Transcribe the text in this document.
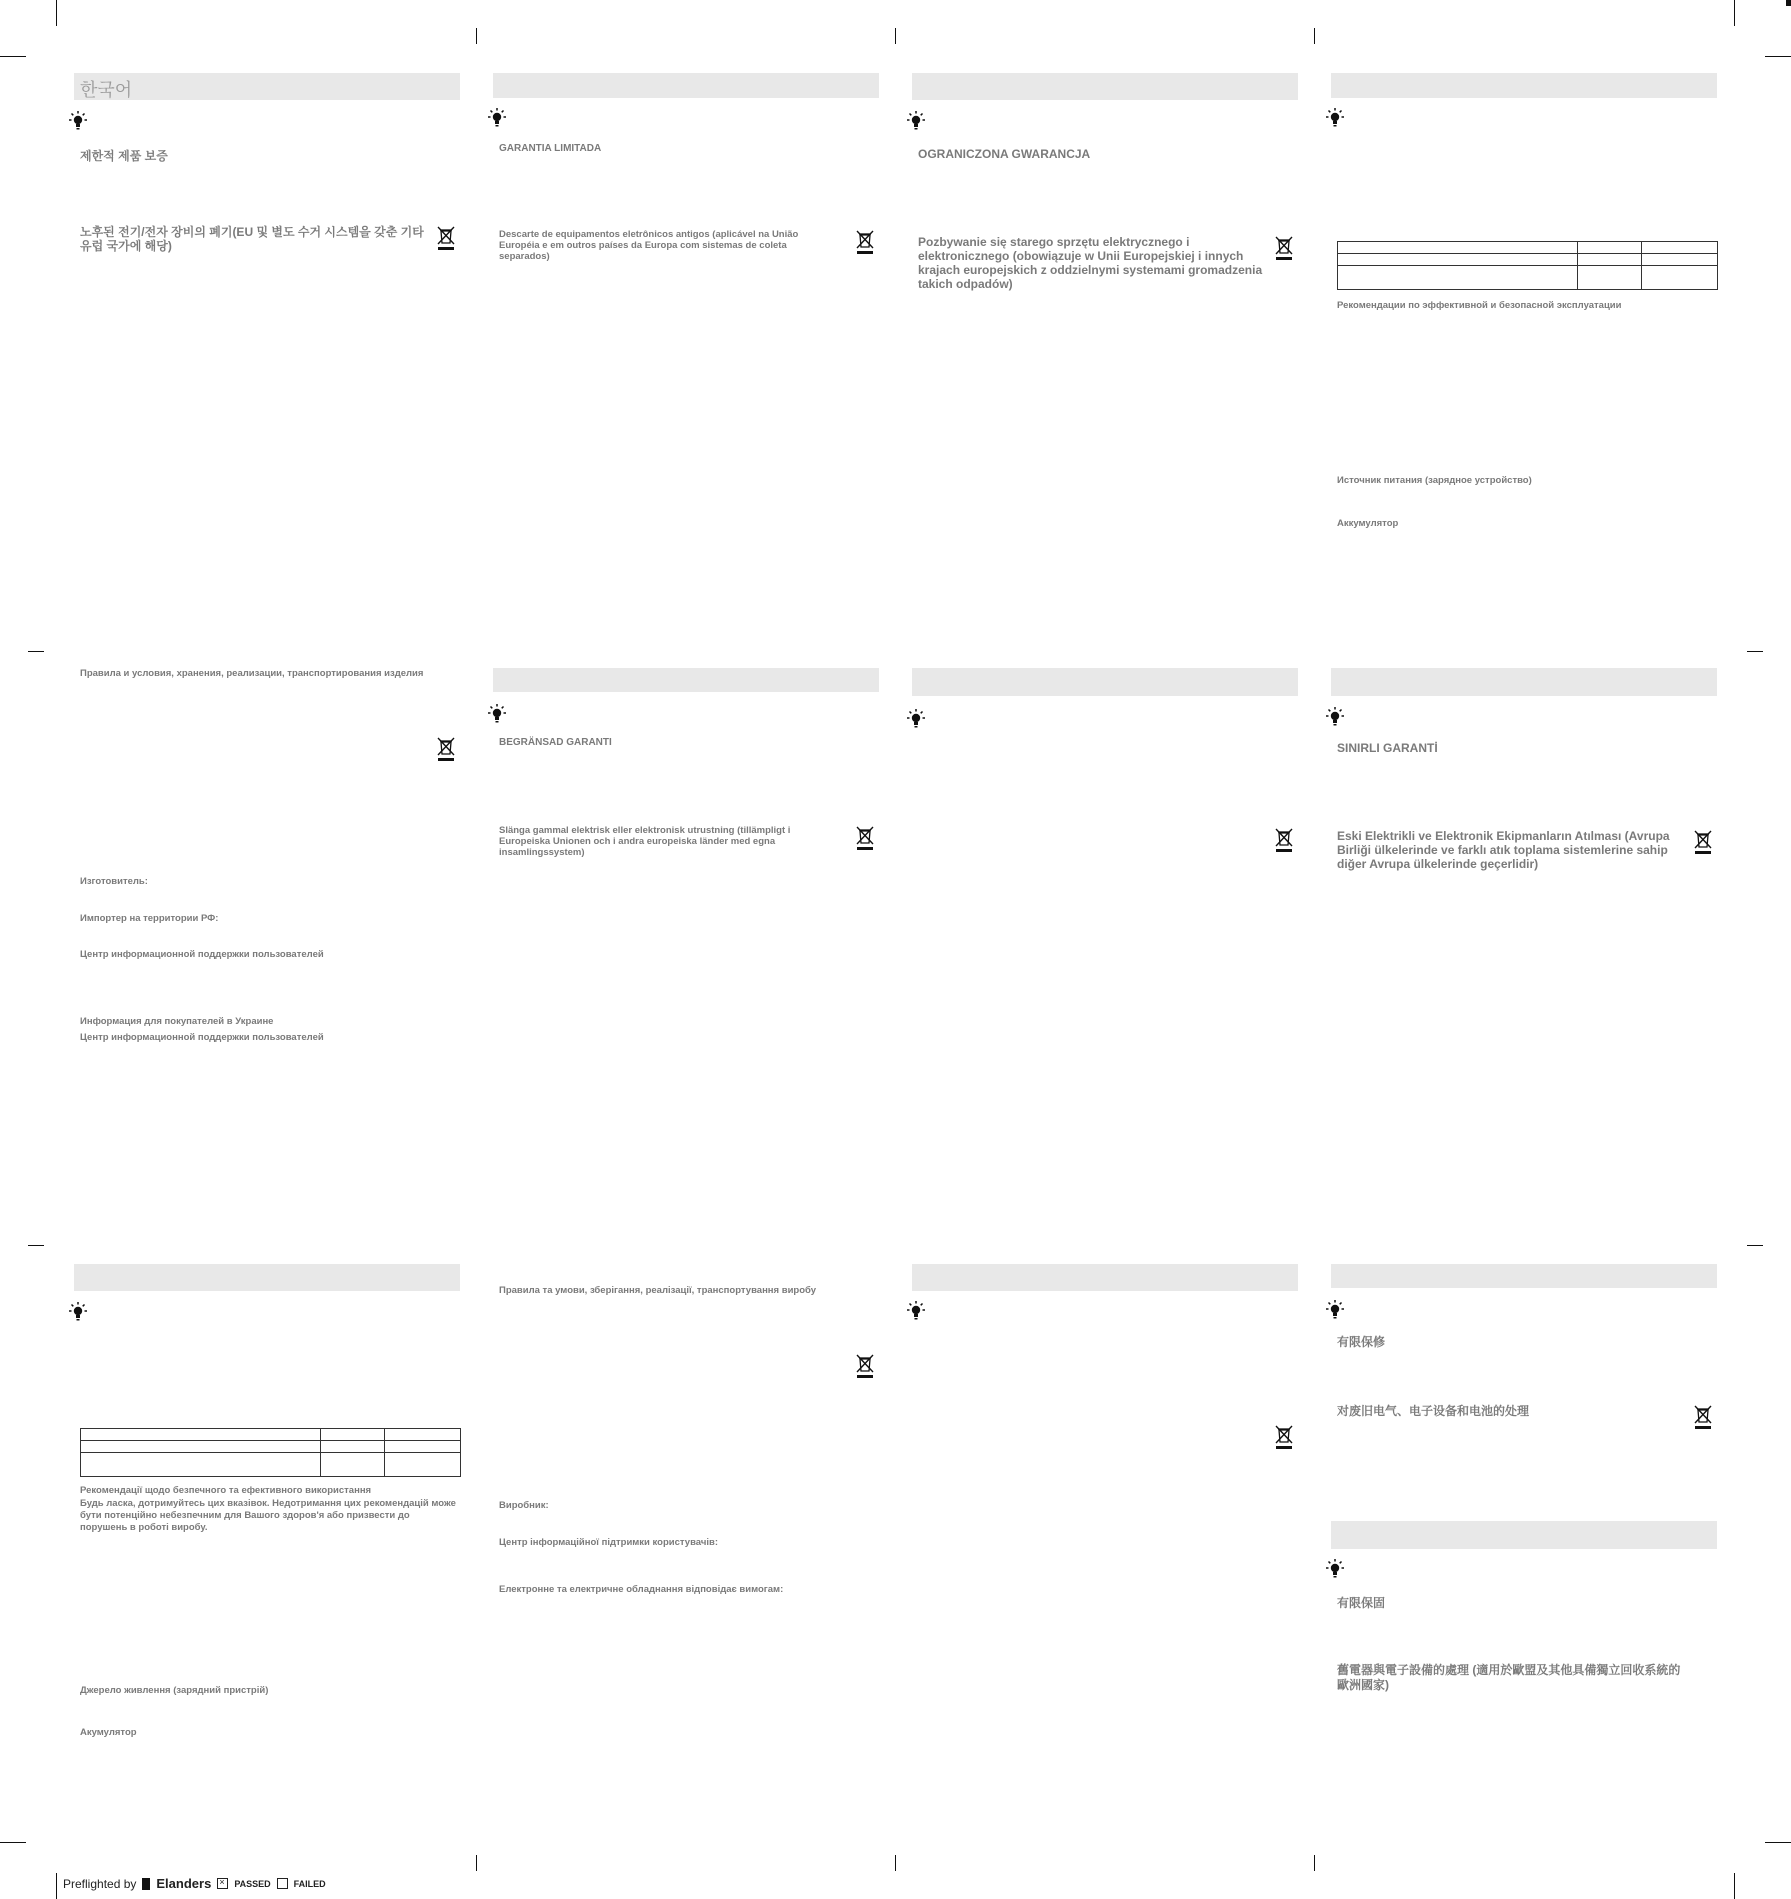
한국어
제한적 제품 보증
노후된 전기/전자 장비의 폐기(EU 및 별도 수거 시스템을 갖춘 기타 유럽 국가에 해당)
GARANTIA LIMITADA
Descarte de equipamentos eletrônicos antigos (aplicável na União Européia e em outros países da Europa com sistemas de coleta separados)
OGRANICZONA GWARANCJA
Pozbywanie się starego sprzętu elektrycznego i elektronicznego (obowiązuje w Unii Europejskiej i innych krajach europejskich z oddzielnymi systemami gromadzenia takich odpadów)

Рекомендации по эффективной и безопасной эксплуатации
Источник питания (зарядное устройство)
Аккумулятор
Правила и условия, хранения, реализации, транспортирования изделия
Изготовитель:
Импортер на территории РФ:
Центр информационной поддержки пользователей
Информация для покупателей в Украине
Центр информационной поддержки пользователей
BEGRÄNSAD GARANTI
Slänga gammal elektrisk eller elektronisk utrustning (tillämpligt i Europeiska Unionen och i andra europeiska länder med egna insamlingssystem)
SINIRLI GARANTİ
Eski Elektrikli ve Elektronik Ekipmanların Atılması (Avrupa Birliği ülkelerinde ve farklı atık toplama sistemlerine sahip diğer Avrupa ülkelerinde geçerlidir)

Рекомендації щодо безпечного та ефективного використання
Будь ласка, дотримуйтесь цих вказівок. Недотримання цих рекомендацій може бути потенційно небезпечним для Вашого здоров'я або призвести до порушень в роботі виробу.
Джерело живлення (зарядний пристрій)
Акумулятор
Правила та умови, зберігання, реалізації, транспортування виробу
Виробник:
Центр інформаційної підтримки користувачів:
Електронне та електричне обладнання відповідає вимогам:
有限保修
对废旧电气、电子设备和电池的处理
有限保固
舊電器與電子設備的處理 (適用於歐盟及其他具備獨立回收系統的歐洲國家)
Preflighted by Elanders × PASSED	FAILED
